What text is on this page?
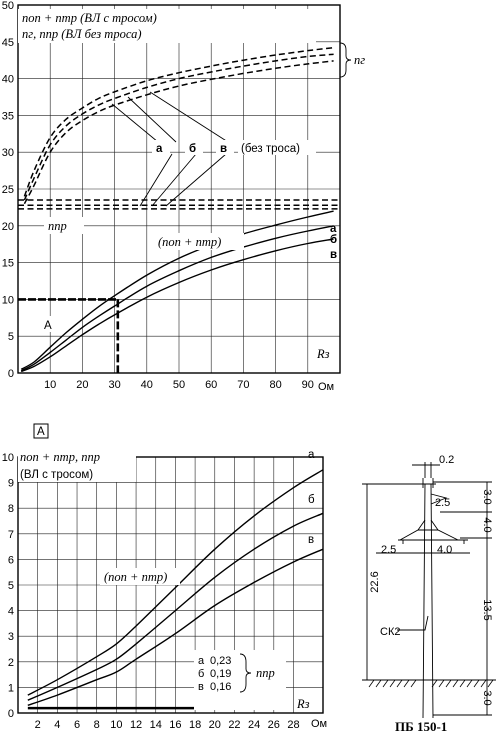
0
5
10
15
20
25
30
35
40
45
50
10 20 30 40 50 60 70 80 90
nоп + nтр (ВЛ с тросом)
nг, nпр (ВЛ без троса)
nг
а б в (без троса)
nпр
(nоп + nтр)
A
Rз
Ом
а
б
в
0
1
2
3
4
5
6
7
8
9
10
2 4 6 8 10 12 14 16 18 20 22 24 26 28
A
nоп + nтр, nпр
(ВЛ с тросом)
(nоп + nтр)
а
б
в
а 0,23
б 0,19
в 0,16
nпр
Rз
Ом
0.2
2.5
2.5	4.0
СК2
3.0
4.0
13.5
3.0
22.6
ПБ 150-1
